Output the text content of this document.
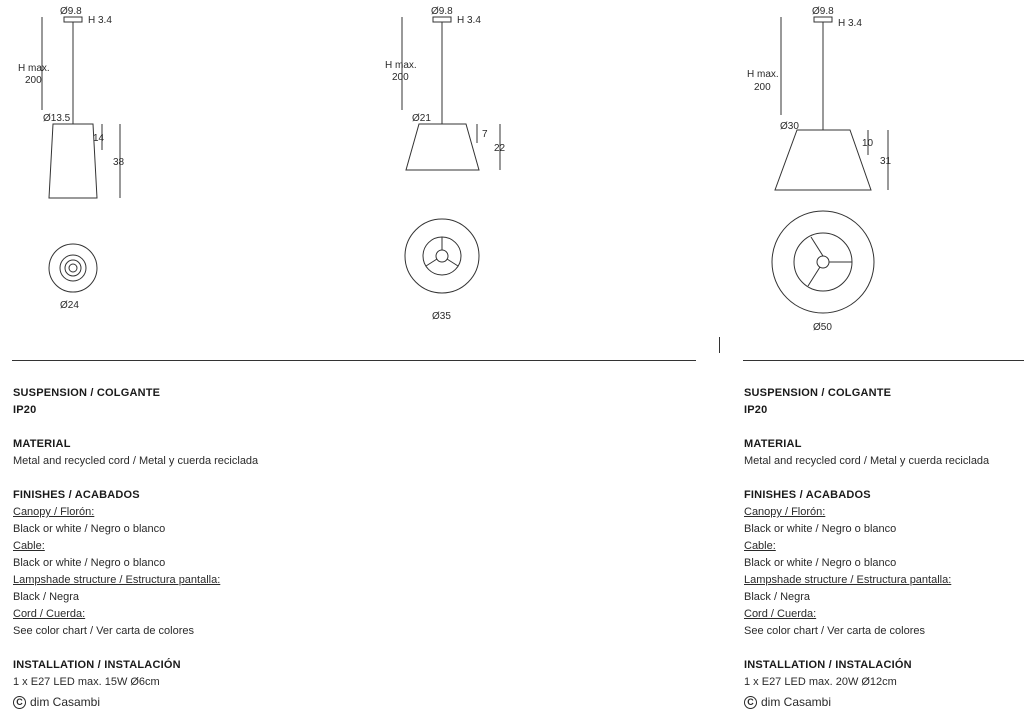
Ø9.8
H 3.4
H max.
200
Ø13.5
14
38
Ø24
Ø9.8
H 3.4
H max.
200
Ø21
7
22
Ø35
Ø9.8
H 3.4
H max.
200
Ø30
10
31
Ø50
SUSPENSION / COLGANTE
IP20
MATERIAL
Metal and recycled cord / Metal y cuerda reciclada
FINISHES / ACABADOS
Canopy / Florón:
Black or white / Negro o blanco
Cable:
Black or white / Negro o blanco
Lampshade structure / Estructura pantalla:
Black / Negra
Cord / Cuerda:
See color chart / Ver carta de colores
INSTALLATION / INSTALACIÓN
1 x E27 LED max. 15W Ø6cm
C dim Casambi
SUSPENSION / COLGANTE
IP20
MATERIAL
Metal and recycled cord / Metal y cuerda reciclada
FINISHES / ACABADOS
Canopy / Florón:
Black or white / Negro o blanco
Cable:
Black or white / Negro o blanco
Lampshade structure / Estructura pantalla:
Black / Negra
Cord / Cuerda:
See color chart / Ver carta de colores
INSTALLATION / INSTALACIÓN
1 x E27 LED max. 20W Ø12cm
C dim Casambi
